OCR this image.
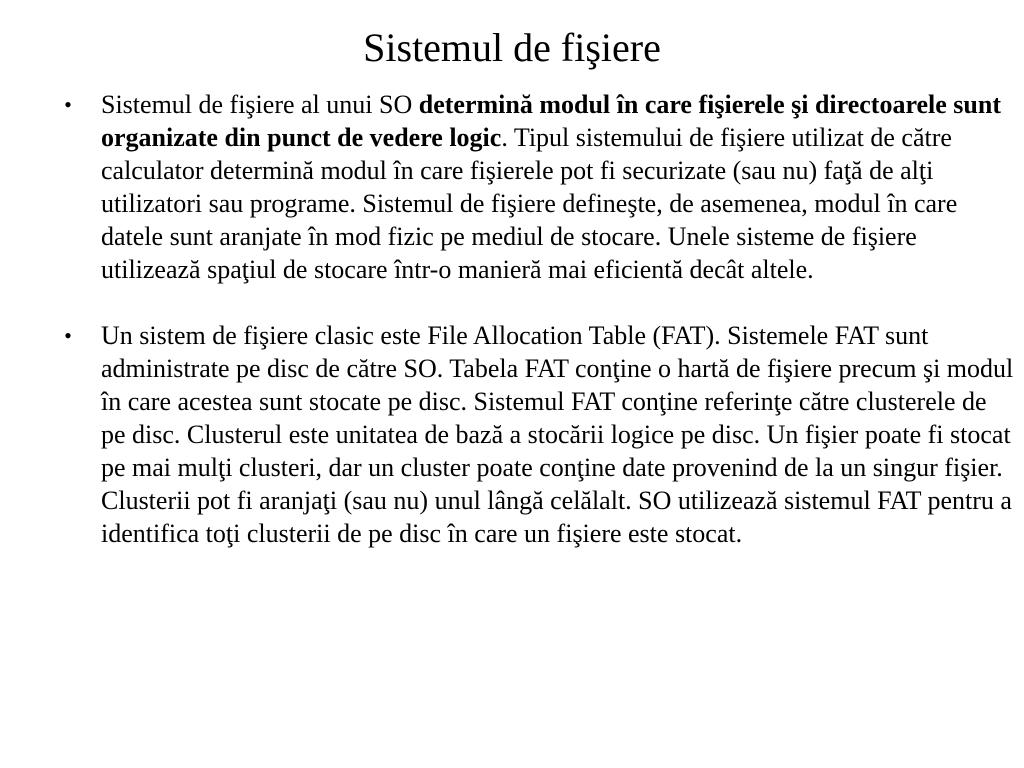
Sistemul de fişiere
• Sistemul de fişiere al unui SO determină modul în care fişierele şi directoarele sunt organizate din punct de vedere logic. Tipul sistemului de fişiere utilizat de către calculator determină modul în care fişierele pot fi securizate (sau nu) faţă de alţi utilizatori sau programe. Sistemul de fişiere defineşte, de asemenea, modul în care datele sunt aranjate în mod fizic pe mediul de stocare. Unele sisteme de fişiere utilizează spaţiul de stocare într-o manieră mai eficientă decât altele.
• Un sistem de fişiere clasic este File Allocation Table (FAT). Sistemele FAT sunt administrate pe disc de către SO. Tabela FAT conţine o hartă de fişiere precum şi modul în care acestea sunt stocate pe disc. Sistemul FAT conţine referinţe către clusterele de pe disc. Clusterul este unitatea de bază a stocării logice pe disc. Un fişier poate fi stocat pe mai mulţi clusteri, dar un cluster poate conţine date provenind de la un singur fişier. Clusterii pot fi aranjaţi (sau nu) unul lângă celălalt. SO utilizează sistemul FAT pentru a identifica toţi clusterii de pe disc în care un fişiere este stocat.
